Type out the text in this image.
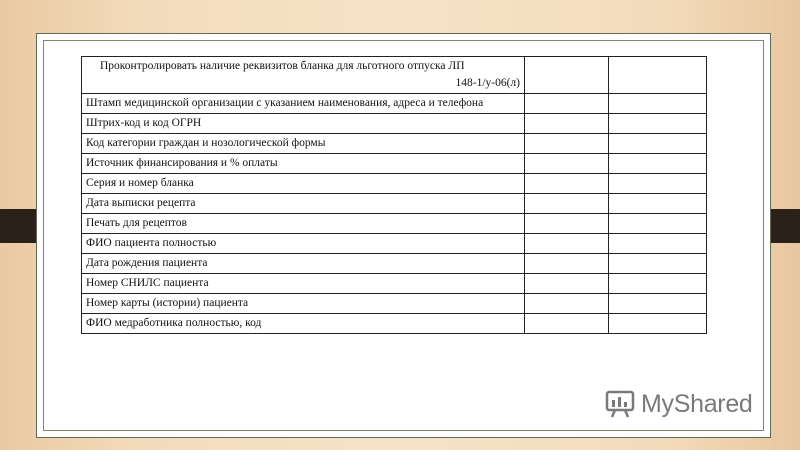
Проконтролировать наличие реквизитов бланка для льготного отпуска ЛП
148-1/у-06(л)		

Штамп медицинской организации с указанием наименования, адреса и телефона		
Штрих-код и код ОГРН		
Код категории граждан и нозологической формы		
Источник финансирования и % оплаты		
Серия и номер бланка		
Дата выписки рецепта		
Печать для рецептов		
ФИО пациента полностью		
Дата рождения пациента		
Номер СНИЛС пациента		
Номер карты (истории) пациента		
ФИО медработника полностью, код		
MyShared
